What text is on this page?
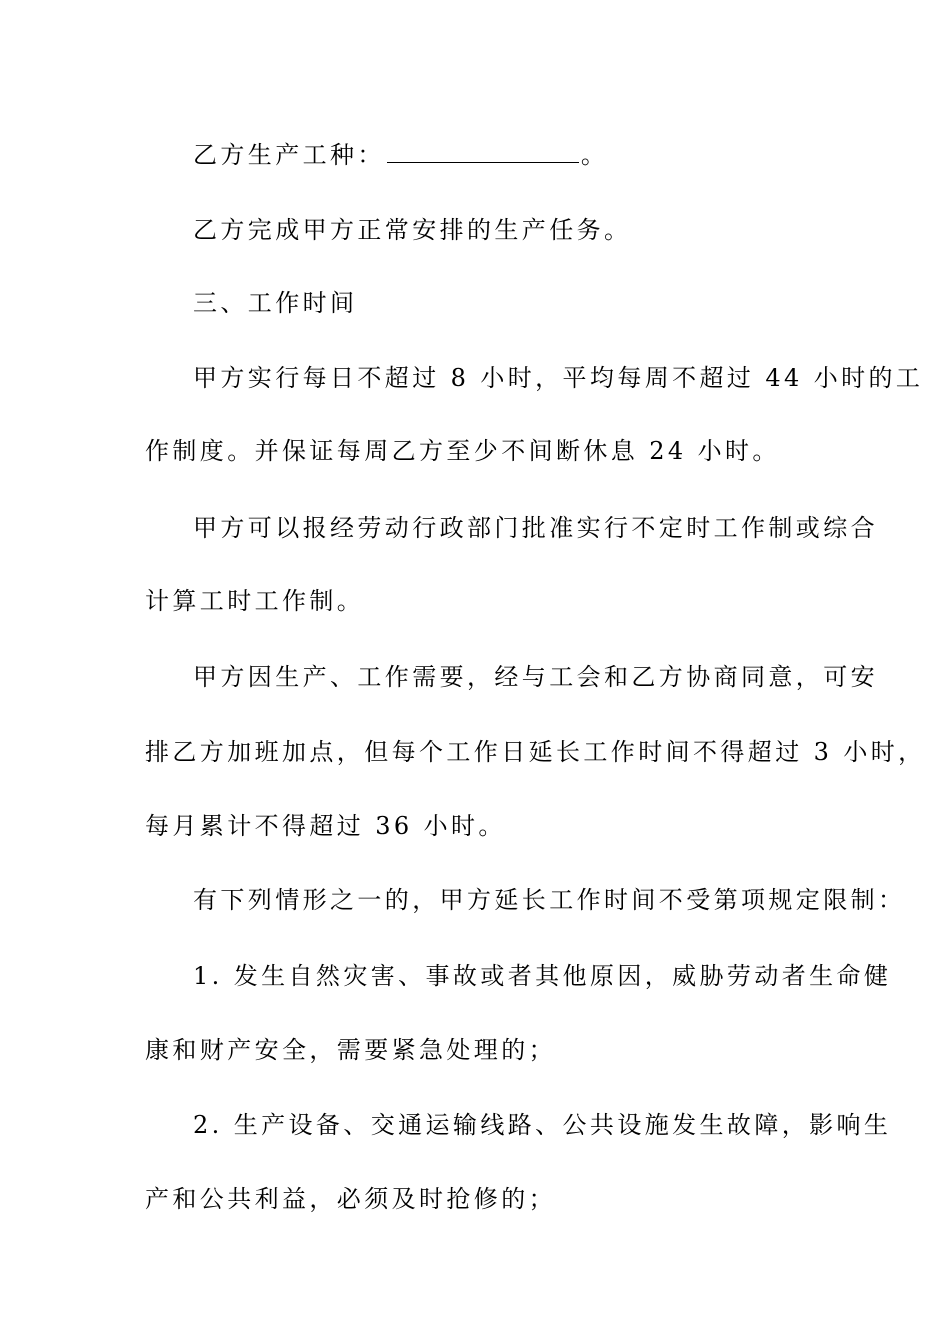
乙方生产工种：	。
乙方完成甲方正常安排的生产任务。
三、工作时间
甲方实行每日不超过 8 小时，平均每周不超过 44 小时的工
作制度。并保证每周乙方至少不间断休息 24 小时。
甲方可以报经劳动行政部门批准实行不定时工作制或综合
计算工时工作制。
甲方因生产、工作需要，经与工会和乙方协商同意，可安
排乙方加班加点，但每个工作日延长工作时间不得超过 3 小时，
每月累计不得超过 36 小时。
有下列情形之一的，甲方延长工作时间不受第项规定限制：
1. 发生自然灾害、事故或者其他原因，威胁劳动者生命健
康和财产安全，需要紧急处理的；
2. 生产设备、交通运输线路、公共设施发生故障，影响生
产和公共利益，必须及时抢修的；
